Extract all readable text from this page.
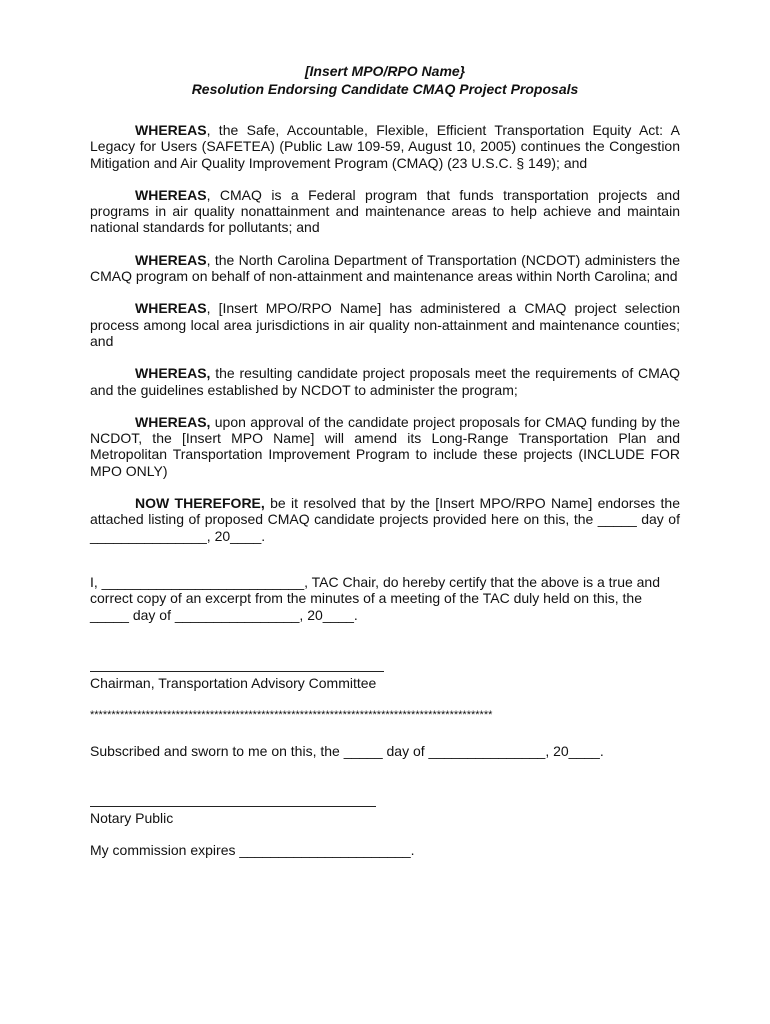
[Insert MPO/RPO Name}
Resolution Endorsing Candidate CMAQ Project Proposals

WHEREAS, the Safe, Accountable, Flexible, Efficient Transportation Equity Act: A Legacy for Users (SAFETEA) (Public Law 109-59, August 10, 2005) continues the Congestion Mitigation and Air Quality Improvement Program (CMAQ) (23 U.S.C. § 149); and

WHEREAS, CMAQ is a Federal program that funds transportation projects and programs in air quality nonattainment and maintenance areas to help achieve and maintain national standards for pollutants; and

WHEREAS, the North Carolina Department of Transportation (NCDOT) administers the CMAQ program on behalf of non-attainment and maintenance areas within North Carolina; and

WHEREAS, [Insert MPO/RPO Name] has administered a CMAQ project selection process among local area jurisdictions in air quality non-attainment and maintenance counties; and

WHEREAS, the resulting candidate project proposals meet the requirements of CMAQ and the guidelines established by NCDOT to administer the program;

WHEREAS, upon approval of the candidate project proposals for CMAQ funding by the NCDOT, the [Insert MPO Name] will amend its Long-Range Transportation Plan and Metropolitan Transportation Improvement Program to include these projects (INCLUDE FOR MPO ONLY)

NOW THEREFORE, be it resolved that by the [Insert MPO/RPO Name] endorses the attached listing of proposed CMAQ candidate projects provided here on this, the _____ day of _______________, 20____.

I, __________________________, TAC Chair, do hereby certify that the above is a true and correct copy of an excerpt from the minutes of a meeting of the TAC duly held on this, the _____ day of ________________, 20____.

Chairman, Transportation Advisory Committee

**********************************************************************************************

Subscribed and sworn to me on this, the _____ day of _______________, 20____.

Notary Public

My commission expires ______________________.
